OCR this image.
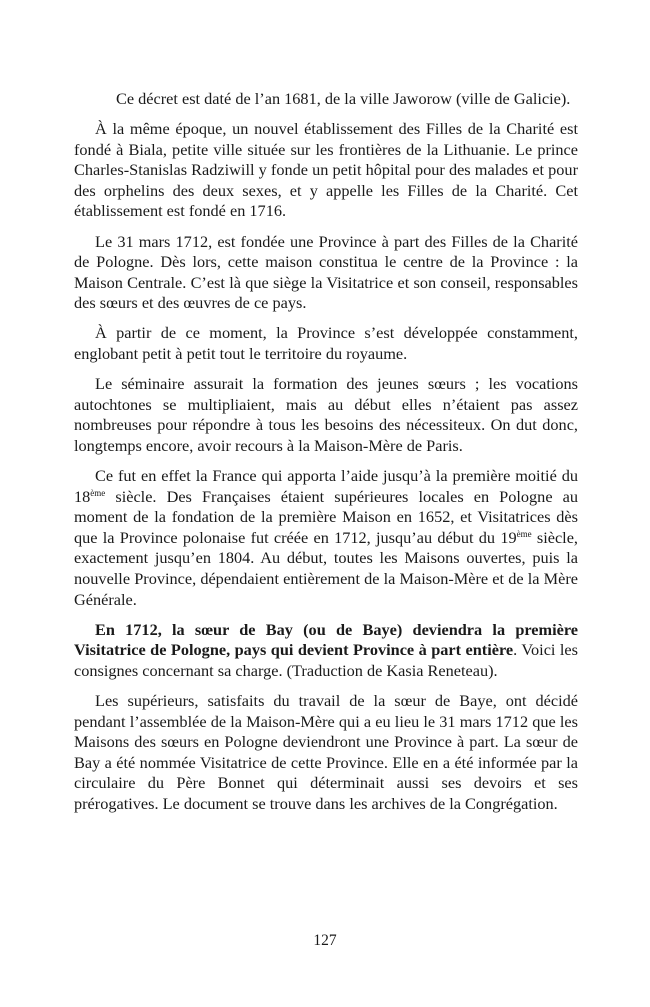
Ce décret est daté de l’an 1681, de la ville Jaworow (ville de Galicie).

À la même époque, un nouvel établissement des Filles de la Charité est fondé à Biala, petite ville située sur les frontières de la Lithuanie. Le prince Charles-Stanislas Radziwill y fonde un petit hôpital pour des malades et pour des orphelins des deux sexes, et y appelle les Filles de la Charité. Cet établissement est fondé en 1716.

Le 31 mars 1712, est fondée une Province à part des Filles de la Charité de Pologne. Dès lors, cette maison constitua le centre de la Province : la Maison Centrale. C’est là que siège la Visitatrice et son conseil, responsables des sœurs et des œuvres de ce pays.

À partir de ce moment, la Province s’est développée constamment, englobant petit à petit tout le territoire du royaume.

Le séminaire assurait la formation des jeunes sœurs ; les vocations autochtones se multipliaient, mais au début elles n’étaient pas assez nombreuses pour répondre à tous les besoins des nécessiteux. On dut donc, longtemps encore, avoir recours à la Maison-Mère de Paris.

Ce fut en effet la France qui apporta l’aide jusqu’à la première moitié du 18ème siècle. Des Françaises étaient supérieures locales en Pologne au moment de la fondation de la première Maison en 1652, et Visitatrices dès que la Province polonaise fut créée en 1712, jusqu’au début du 19ème siècle, exactement jusqu’en 1804. Au début, toutes les Maisons ouvertes, puis la nouvelle Province, dépendaient entièrement de la Maison-Mère et de la Mère Générale.

En 1712, la sœur de Bay (ou de Baye) deviendra la première Visitatrice de Pologne, pays qui devient Province à part entière. Voici les consignes concernant sa charge. (Traduction de Kasia Reneteau).

Les supérieurs, satisfaits du travail de la sœur de Baye, ont décidé pendant l’assemblée de la Maison-Mère qui a eu lieu le 31 mars 1712 que les Maisons des sœurs en Pologne deviendront une Province à part. La sœur de Bay a été nommée Visitatrice de cette Province. Elle en a été informée par la circulaire du Père Bonnet qui déterminait aussi ses devoirs et ses prérogatives. Le document se trouve dans les archives de la Congrégation.

127
